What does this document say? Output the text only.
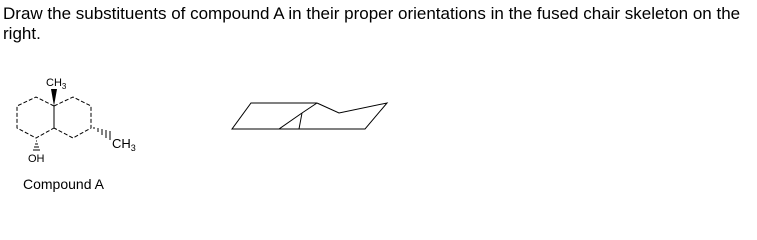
Draw the substituents of compound A in their proper orientations in the fused chair skeleton on the right.

$CH_3$
$CH_3$
OH
Compound A
